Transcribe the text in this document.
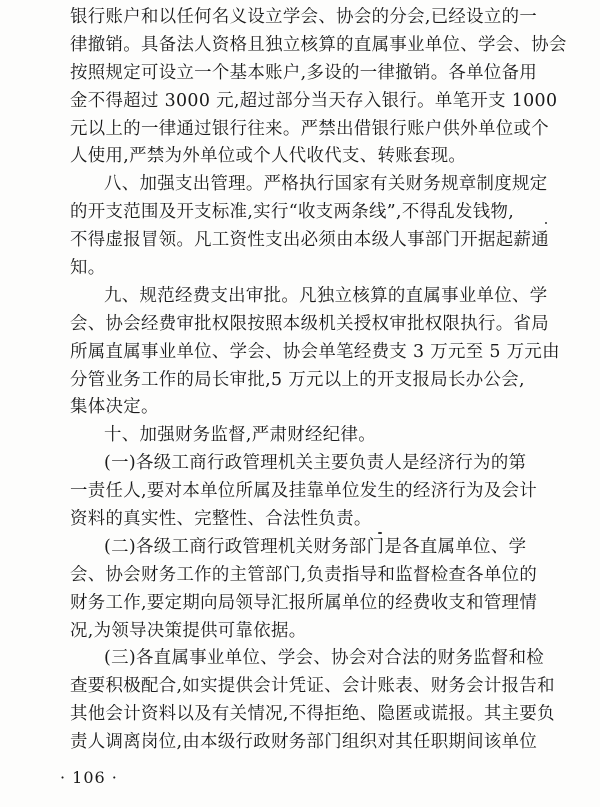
银行账户和以任何名义设立学会、协会的分会,已经设立的一
律撤销。具备法人资格且独立核算的直属事业单位、学会、协会
按照规定可设立一个基本账户,多设的一律撤销。各单位备用
金不得超过 3000 元,超过部分当天存入银行。单笔开支 1000
元以上的一律通过银行往来。严禁出借银行账户供外单位或个
人使用,严禁为外单位或个人代收代支、转账套现。
八、加强支出管理。严格执行国家有关财务规章制度规定
的开支范围及开支标准,实行“收支两条线”,不得乱发钱物,
不得虚报冒领。凡工资性支出必须由本级人事部门开据起薪通
知。
九、规范经费支出审批。凡独立核算的直属事业单位、学
会、协会经费审批权限按照本级机关授权审批权限执行。省局
所属直属事业单位、学会、协会单笔经费支 3 万元至 5 万元由
分管业务工作的局长审批,5 万元以上的开支报局长办公会,
集体决定。
十、加强财务监督,严肃财经纪律。
(一)各级工商行政管理机关主要负责人是经济行为的第
一责任人,要对本单位所属及挂靠单位发生的经济行为及会计
资料的真实性、完整性、合法性负责。
(二)各级工商行政管理机关财务部门是各直属单位、学
会、协会财务工作的主管部门,负责指导和监督检查各单位的
财务工作,要定期向局领导汇报所属单位的经费收支和管理情
况,为领导决策提供可靠依据。
(三)各直属事业单位、学会、协会对合法的财务监督和检
查要积极配合,如实提供会计凭证、会计账表、财务会计报告和
其他会计资料以及有关情况,不得拒绝、隐匿或谎报。其主要负
责人调离岗位,由本级行政财务部门组织对其任职期间该单位
· 106 ·
